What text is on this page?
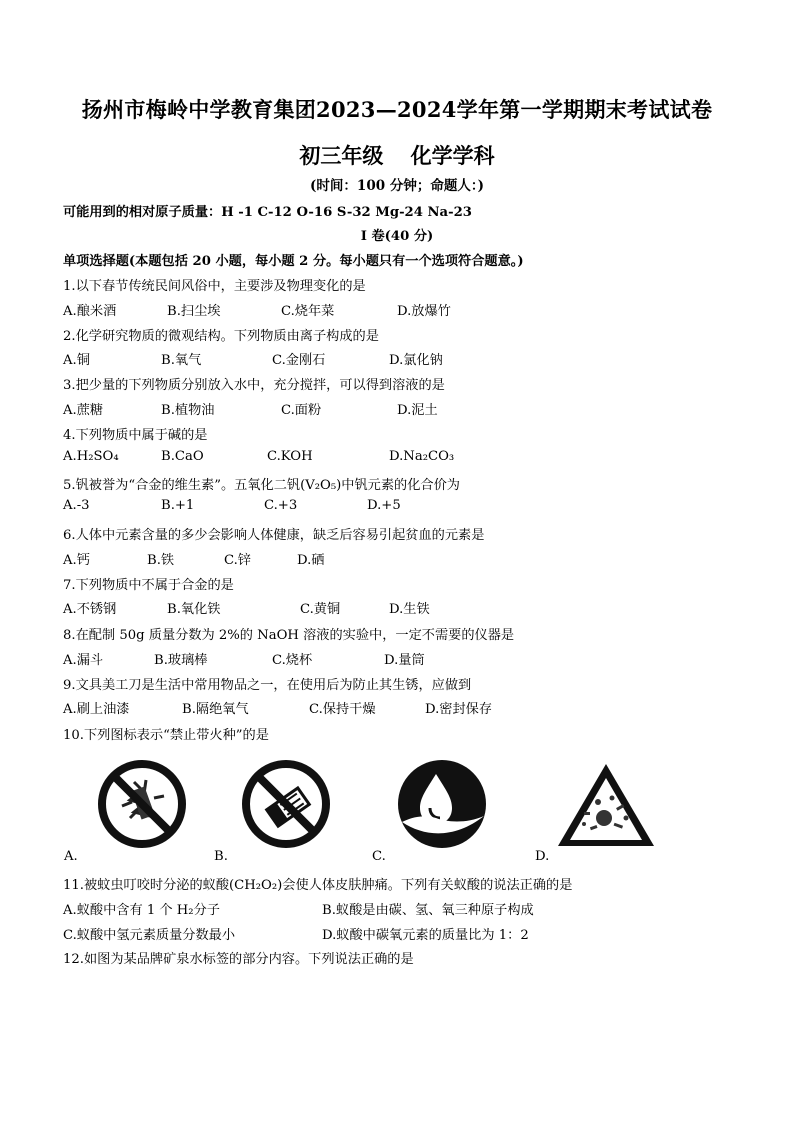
扬州市梅岭中学教育集团2023—2024学年第一学期期末考试试卷
初三年级 化学学科
(时间：100 分钟；命题人：)
可能用到的相对原子质量：H -1 C-12 O-16 S-32 Mg-24 Na-23
Ⅰ 卷(40 分)
单项选择题(本题包括 20 小题，每小题 2 分。每小题只有一个选项符合题意。)
1.以下春节传统民间风俗中，主要涉及物理变化的是
A.酿米酒	B.扫尘埃	C.烧年菜	D.放爆竹
2.化学研究物质的微观结构。下列物质由离子构成的是
A.铜	B.氧气	C.金刚石	D.氯化钠
3.把少量的下列物质分别放入水中，充分搅拌，可以得到溶液的是
A.蔗糖	B.植物油	C.面粉	D.泥土
4.下列物质中属于碱的是
A.H₂SO₄	B.CaO	C.KOH	D.Na₂CO₃
5.钒被誉为“合金的维生素”。五氧化二钒(V₂O₅)中钒元素的化合价为
A.-3	B.+1	C.+3	D.+5
6.人体中元素含量的多少会影响人体健康，缺乏后容易引起贫血的元素是
A.钙	B.铁	C.锌	D.硒
7.下列物质中不属于合金的是
A.不锈钢	B.氧化铁	C.黄铜	D.生铁
8.在配制 50g 质量分数为 2%的 NaOH 溶液的实验中，一定不需要的仪器是
A.漏斗	B.玻璃棒	C.烧杯	D.量筒
9.文具美工刀是生活中常用物品之一，在使用后为防止其生锈，应做到
A.刷上油漆	B.隔绝氧气	C.保持干燥	D.密封保存
10.下列图标表示“禁止带火种”的是
A.	B.	C.	D.
11.被蚊虫叮咬时分泌的蚁酸(CH₂O₂)会使人体皮肤肿痛。下列有关蚁酸的说法正确的是
A.蚁酸中含有 1 个 H₂分子	B.蚁酸是由碳、氢、氧三种原子构成
C.蚁酸中氢元素质量分数最小	D.蚁酸中碳氧元素的质量比为 1：2
12.如图为某品牌矿泉水标签的部分内容。下列说法正确的是
